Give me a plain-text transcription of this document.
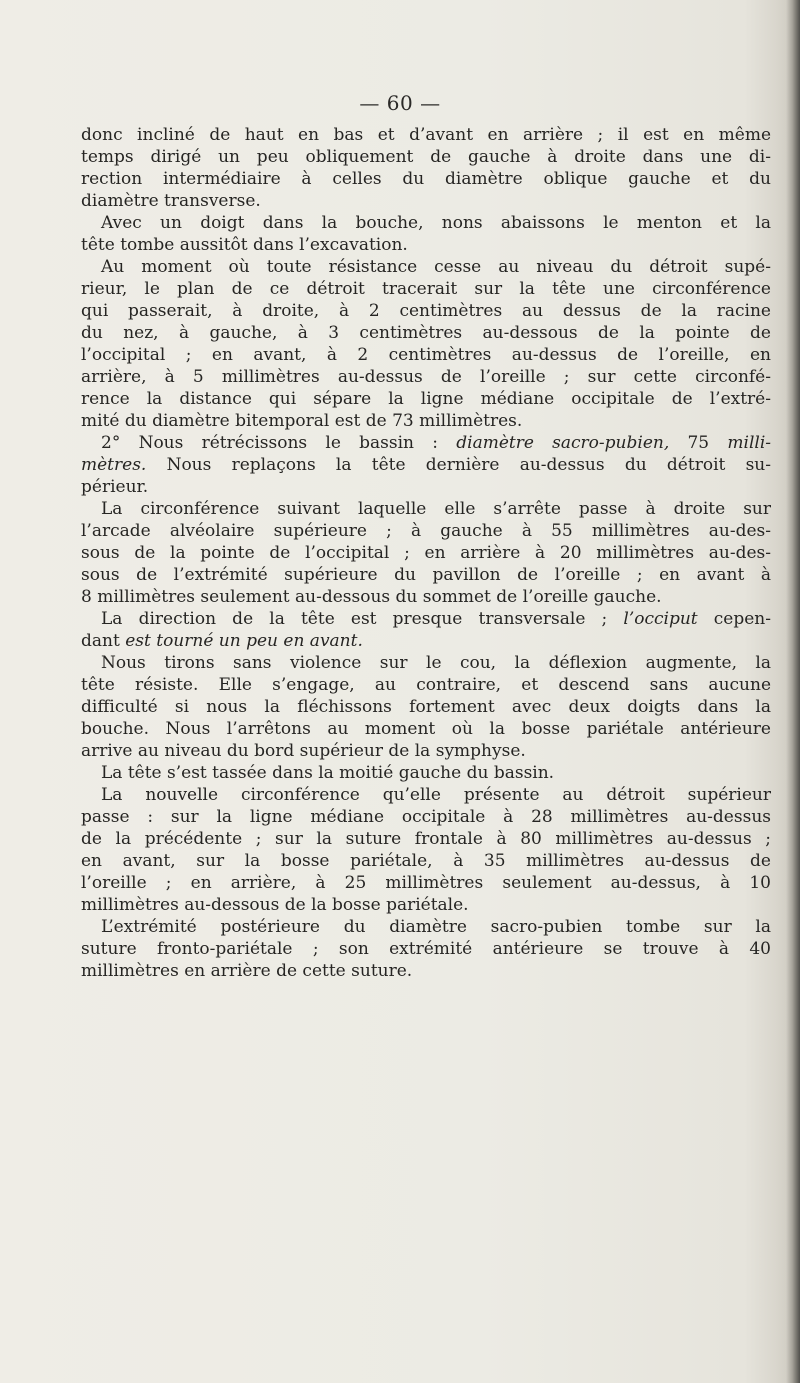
— 60 —
donc incliné de haut en bas et d’avant en arrière ; il est en même
temps dirigé un peu obliquement de gauche à droite dans une di-
rection intermédiaire à celles du diamètre oblique gauche et du
diamètre transverse.
Avec un doigt dans la bouche, nons abaissons le menton et la
tête tombe aussitôt dans l’excavation.
Au moment où toute résistance cesse au niveau du détroit supé-
rieur, le plan de ce détroit tracerait sur la tête une circonférence
qui passerait, à droite, à 2 centimètres au dessus de la racine
du nez, à gauche, à 3 centimètres au-dessous de la pointe de
l’occipital ; en avant, à 2 centimètres au-dessus de l’oreille, en
arrière, à 5 millimètres au-dessus de l’oreille ; sur cette circonfé-
rence la distance qui sépare la ligne médiane occipitale de l’extré-
mité du diamètre bitemporal est de 73 millimètres.
2° Nous rétrécissons le bassin : diamètre sacro-pubien, 75 milli-
mètres. Nous replaçons la tête dernière au-dessus du détroit su-
périeur.
La circonférence suivant laquelle elle s’arrête passe à droite sur
l’arcade alvéolaire supérieure ; à gauche à 55 millimètres au-des-
sous de la pointe de l’occipital ; en arrière à 20 millimètres au-des-
sous de l’extrémité supérieure du pavillon de l’oreille ; en avant à
8 millimètres seulement au-dessous du sommet de l’oreille gauche.
La direction de la tête est presque transversale ; l’occiput cepen-
dant est tourné un peu en avant.
Nous tirons sans violence sur le cou, la déflexion augmente, la
tête résiste. Elle s’engage, au contraire, et descend sans aucune
difficulté si nous la fléchissons fortement avec deux doigts dans la
bouche. Nous l’arrêtons au moment où la bosse pariétale antérieure
arrive au niveau du bord supérieur de la symphyse.
La tête s’est tassée dans la moitié gauche du bassin.
La nouvelle circonférence qu’elle présente au détroit supérieur
passe : sur la ligne médiane occipitale à 28 millimètres au-dessus
de la précédente ; sur la suture frontale à 80 millimètres au-dessus ;
en avant, sur la bosse pariétale, à 35 millimètres au-dessus de
l’oreille ; en arrière, à 25 millimètres seulement au-dessus, à 10
millimètres au-dessous de la bosse pariétale.
L’extrémité postérieure du diamètre sacro-pubien tombe sur la
suture fronto-pariétale ; son extrémité antérieure se trouve à 40
millimètres en arrière de cette suture.
